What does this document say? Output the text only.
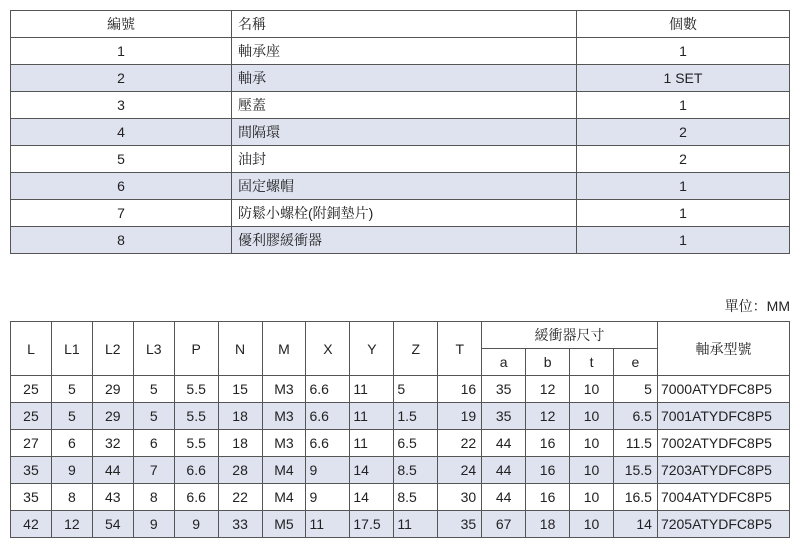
編號	名稱	個數
1	軸承座	1
2	軸承	1 SET
3	壓蓋	1
4	間隔環	2
5	油封	2
6	固定螺帽	1
7	防鬆小螺栓(附銅墊片)	1
8	優利膠緩衝器	1
單位：MM
L	L1	L2	L3	P	N	M	X	Y	Z	T	緩衝器尺寸				軸承型號
											a	b	t	e	
25	5	29	5	5.5	15	M3	6.6	11	5	16	35	12	10	5	7000ATYDFC8P5
25	5	29	5	5.5	18	M3	6.6	11	1.5	19	35	12	10	6.5	7001ATYDFC8P5
27	6	32	6	5.5	18	M3	6.6	11	6.5	22	44	16	10	11.5	7002ATYDFC8P5
35	9	44	7	6.6	28	M4	9	14	8.5	24	44	16	10	15.5	7203ATYDFC8P5
35	8	43	8	6.6	22	M4	9	14	8.5	30	44	16	10	16.5	7004ATYDFC8P5
42	12	54	9	9	33	M5	11	17.5	11	35	67	18	10	14	7205ATYDFC8P5
